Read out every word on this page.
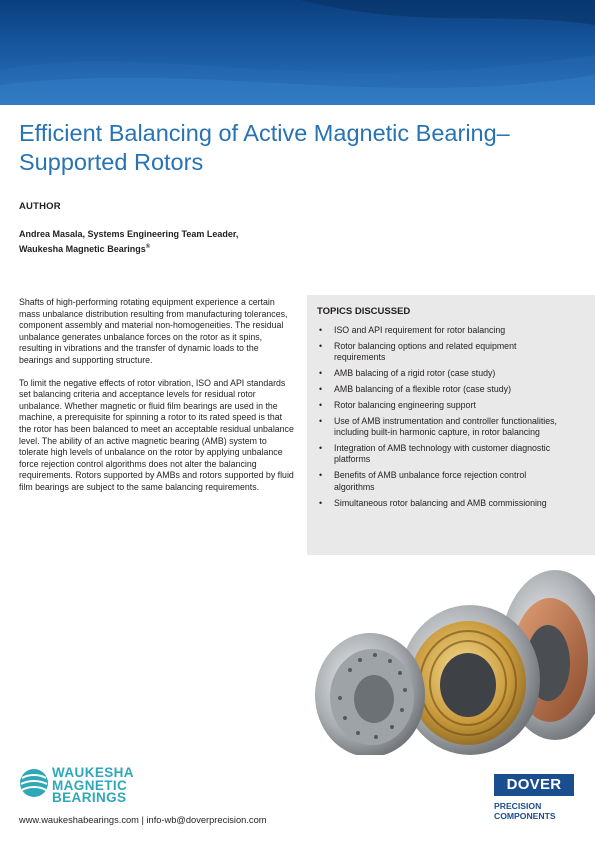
Efficient Balancing of Active Magnetic Bearing–Supported Rotors
AUTHOR
Andrea Masala, Systems Engineering Team Leader,
Waukesha Magnetic Bearings®

Shafts of high-performing rotating equipment experience a certain mass unbalance distribution resulting from manufacturing tolerances, component assembly and material non-homogeneities. The residual unbalance generates unbalance forces on the rotor as it spins, resulting in vibrations and the transfer of dynamic loads to the bearings and supporting structure.

To limit the negative effects of rotor vibration, ISO and API standards set balancing criteria and acceptance levels for residual rotor unbalance. Whether magnetic or fluid film bearings are used in the machine, a prerequisite for spinning a rotor to its rated speed is that the rotor has been balanced to meet an acceptable residual unbalance level. The ability of an active magnetic bearing (AMB) system to tolerate high levels of unbalance on the rotor by applying unbalance force rejection control algorithms does not alter the balancing requirements. Rotors supported by AMBs and rotors supported by fluid film bearings are subject to the same balancing requirements.

TOPICS DISCUSSED
• ISO and API requirement for rotor balancing
• Rotor balancing options and related equipment requirements
• AMB balacing of a rigid rotor (case study)
• AMB balancing of a flexible rotor (case study)
• Rotor balancing engineering support
• Use of AMB instrumentation and controller functionalities, including built-in harmonic capture, in rotor balancing
• Integration of AMB technology with customer diagnostic platforms
• Benefits of AMB unbalance force rejection control algorithms
• Simultaneous rotor balancing and AMB commissioning
WAUKESHA
MAGNETIC
BEARINGS
www.waukeshabearings.com | info-wb@doverprecision.com
DOVER
PRECISION
COMPONENTS
